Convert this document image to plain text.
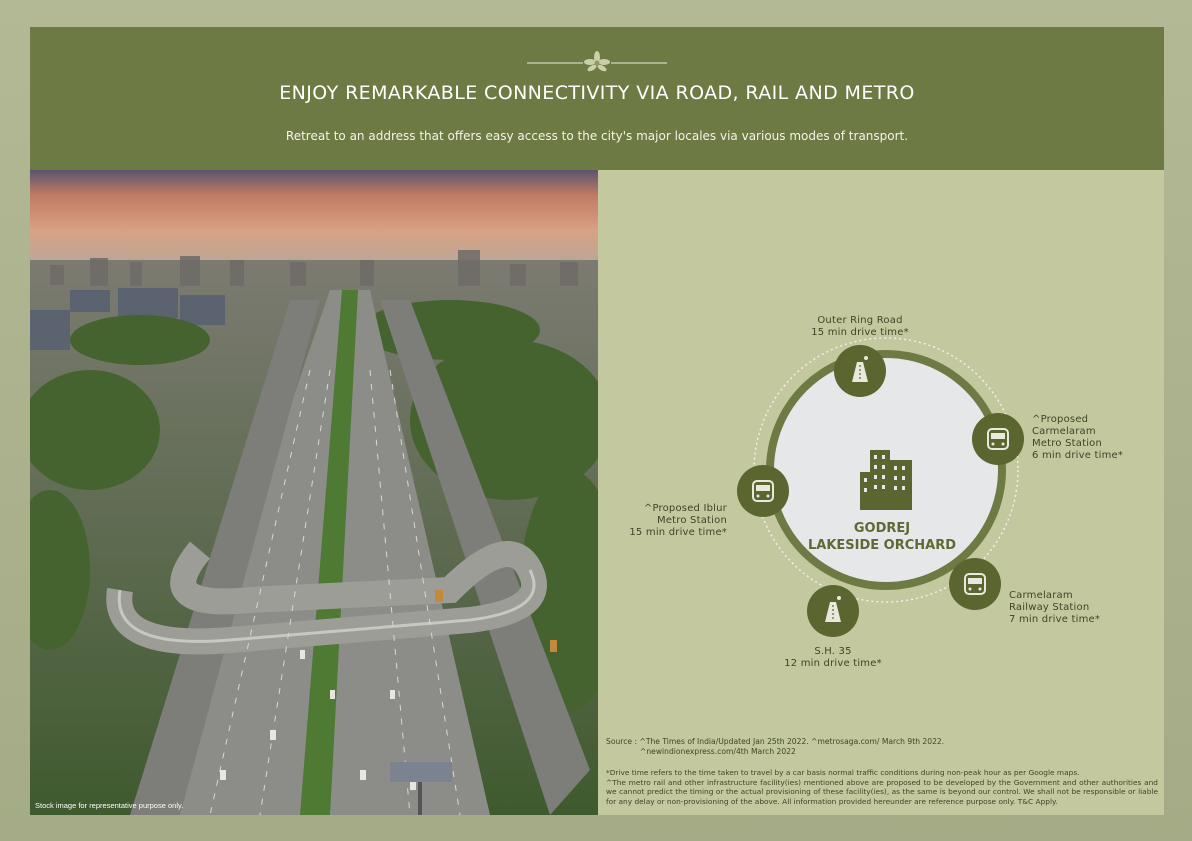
ENJOY REMARKABLE CONNECTIVITY VIA ROAD, RAIL AND METRO
Retreat to an address that offers easy access to the city's major locales via various modes of transport.
Stock image for representative purpose only.
Outer Ring Road
15 min drive time*
^Proposed
Carmelaram
Metro Station
6 min drive time*
Carmelaram
Railway Station
7 min drive time*
S.H. 35
12 min drive time*
^Proposed Iblur
Metro Station
15 min drive time*	GODREJ
LAKESIDE ORCHARD
Source : ^The Times of India/Updated Jan 25th 2022. ^metrosaga.com/ March 9th 2022.
^newindionexpress.com/4th March 2022
*Drive time refers to the time taken to travel by a car basis normal traffic conditions during non-peak hour as per Google maps.
^The metro rail and other infrastructure facility(ies) mentioned above are proposed to be developed by the Government and other authorities and we cannot predict the timing or the actual provisioning of these facility(ies), as the same is beyond our control. We shall not be responsible or liable for any delay or non-provisioning of the above. All information provided hereunder are reference purpose only. T&C Apply.
